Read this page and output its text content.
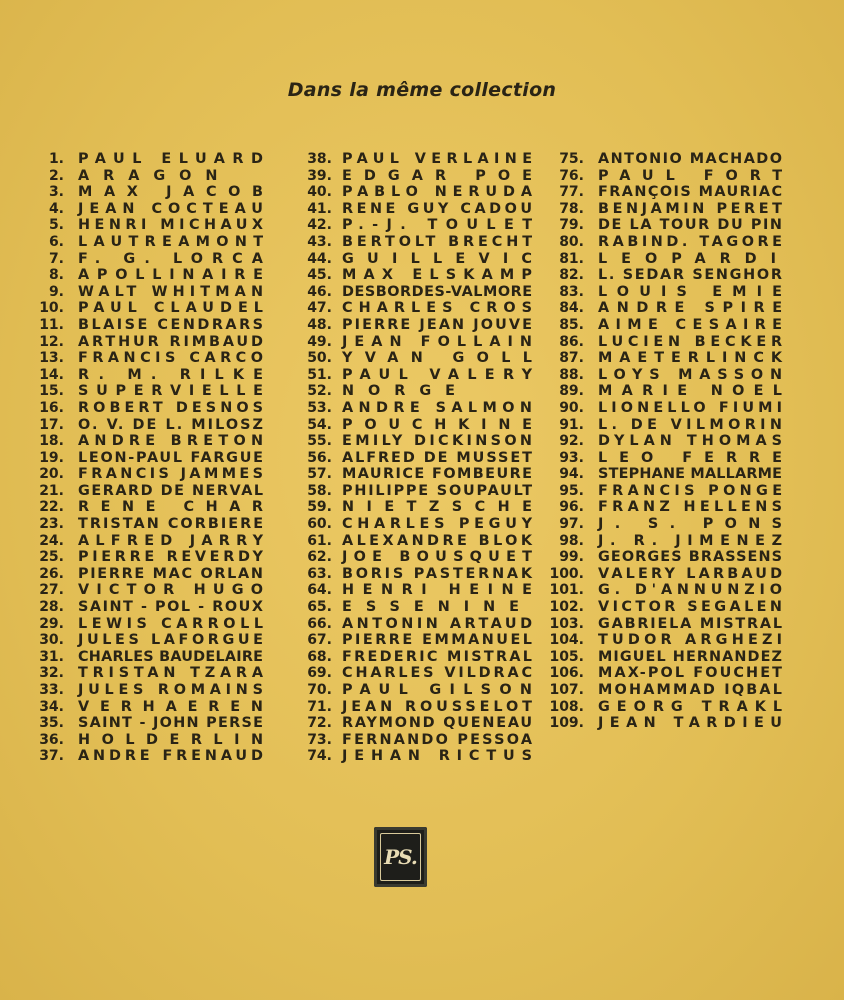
Dans la même collection
1. PAUL ELUARD
2. ARAGON
3. MAX JACOB
4. JEAN COCTEAU
5. HENRI MICHAUX
6. LAUTREAMONT
7. F. G. LORCA
8. APOLLINAIRE
9. WALT WHITMAN
10. PAUL CLAUDEL
11. BLAISE CENDRARS
12. ARTHUR RIMBAUD
13. FRANCIS CARCO
14. R. M. RILKE
15. SUPERVIELLE
16. ROBERT DESNOS
17. O. V. DE L. MILOSZ
18. ANDRE BRETON
19. LEON-PAUL FARGUE
20. FRANCIS JAMMES
21. GERARD DE NERVAL
22. RENE CHAR
23. TRISTAN CORBIERE
24. ALFRED JARRY
25. PIERRE REVERDY
26. PIERRE MAC ORLAN
27. VICTOR HUGO
28. SAINT - POL - ROUX
29. LEWIS CARROLL
30. JULES LAFORGUE
31. CHARLES BAUDELAIRE
32. TRISTAN TZARA
33. JULES ROMAINS
34. VERHAEREN
35. SAINT - JOHN PERSE
36. HOLDERLIN
37. ANDRE FRENAUD
38. PAUL VERLAINE
39. EDGAR POE
40. PABLO NERUDA
41. RENE GUY CADOU
42. P.-J. TOULET
43. BERTOLT BRECHT
44. GUILLEVIC
45. MAX ELSKAMP
46. DESBORDES-VALMORE
47. CHARLES CROS
48. PIERRE JEAN JOUVE
49. JEAN FOLLAIN
50. YVAN GOLL
51. PAUL VALERY
52. NORGE
53. ANDRE SALMON
54. POUCHKINE
55. EMILY DICKINSON
56. ALFRED DE MUSSET
57. MAURICE FOMBEURE
58. PHILIPPE SOUPAULT
59. NIETZSCHE
60. CHARLES PEGUY
61. ALEXANDRE BLOK
62. JOE BOUSQUET
63. BORIS PASTERNAK
64. HENRI HEINE
65. ESSENINE
66. ANTONIN ARTAUD
67. PIERRE EMMANUEL
68. FREDERIC MISTRAL
69. CHARLES VILDRAC
70. PAUL GILSON
71. JEAN ROUSSELOT
72. RAYMOND QUENEAU
73. FERNANDO PESSOA
74. JEHAN RICTUS
75. ANTONIO MACHADO
76. PAUL FORT
77. FRANÇOIS MAURIAC
78. BENJAMIN PERET
79. DE LA TOUR DU PIN
80. RABIND. TAGORE
81. LEOPARDI
82. L. SEDAR SENGHOR
83. LOUIS EMIE
84. ANDRE SPIRE
85. AIME CESAIRE
86. LUCIEN BECKER
87. MAETERLINCK
88. LOYS MASSON
89. MARIE NOEL
90. LIONELLO FIUMI
91. L. DE VILMORIN
92. DYLAN THOMAS
93. LEO FERRE
94. STEPHANE MALLARME
95. FRANCIS PONGE
96. FRANZ HELLENS
97. J. S. PONS
98. J. R. JIMENEZ
99. GEORGES BRASSENS
100. VALERY LARBAUD
101. G. D'ANNUNZIO
102. VICTOR SEGALEN
103. GABRIELA MISTRAL
104. TUDOR ARGHEZI
105. MIGUEL HERNANDEZ
106. MAX-POL FOUCHET
107. MOHAMMAD IQBAL
108. GEORG TRAKL
109. JEAN TARDIEU
PS.
